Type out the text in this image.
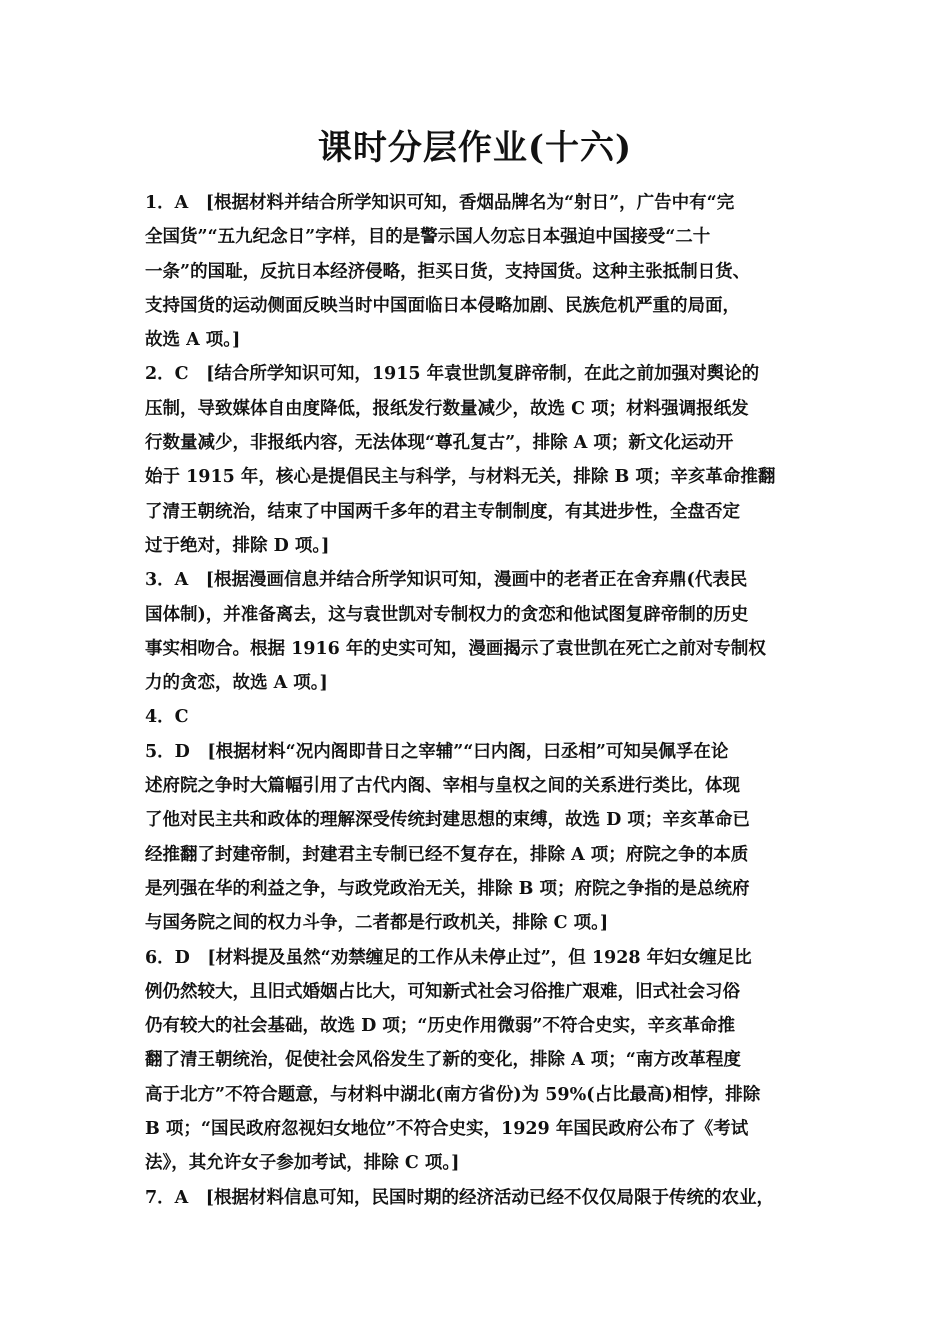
课时分层作业(十六)
1．A　[根据材料并结合所学知识可知，香烟品牌名为“射日”，广告中有“完
全国货”“五九纪念日”字样，目的是警示国人勿忘日本强迫中国接受“二十
一条”的国耻，反抗日本经济侵略，拒买日货，支持国货。这种主张抵制日货、
支持国货的运动侧面反映当时中国面临日本侵略加剧、民族危机严重的局面，
故选 A 项。]
2．C　[结合所学知识可知，1915 年袁世凯复辟帝制，在此之前加强对舆论的
压制，导致媒体自由度降低，报纸发行数量减少，故选 C 项；材料强调报纸发
行数量减少，非报纸内容，无法体现“尊孔复古”，排除 A 项；新文化运动开
始于 1915 年，核心是提倡民主与科学，与材料无关，排除 B 项；辛亥革命推翻
了清王朝统治，结束了中国两千多年的君主专制制度，有其进步性，全盘否定
过于绝对，排除 D 项。]
3．A　[根据漫画信息并结合所学知识可知，漫画中的老者正在舍弃鼎(代表民
国体制)，并准备离去，这与袁世凯对专制权力的贪恋和他试图复辟帝制的历史
事实相吻合。根据 1916 年的史实可知，漫画揭示了袁世凯在死亡之前对专制权
力的贪恋，故选 A 项。]
4．C
5．D　[根据材料“况内阁即昔日之宰辅”“曰内阁，曰丞相”可知吴佩孚在论
述府院之争时大篇幅引用了古代内阁、宰相与皇权之间的关系进行类比，体现
了他对民主共和政体的理解深受传统封建思想的束缚，故选 D 项；辛亥革命已
经推翻了封建帝制，封建君主专制已经不复存在，排除 A 项；府院之争的本质
是列强在华的利益之争，与政党政治无关，排除 B 项；府院之争指的是总统府
与国务院之间的权力斗争，二者都是行政机关，排除 C 项。]
6．D　[材料提及虽然“劝禁缠足的工作从未停止过”，但 1928 年妇女缠足比
例仍然较大，且旧式婚姻占比大，可知新式社会习俗推广艰难，旧式社会习俗
仍有较大的社会基础，故选 D 项；“历史作用微弱”不符合史实，辛亥革命推
翻了清王朝统治，促使社会风俗发生了新的变化，排除 A 项；“南方改革程度
高于北方”不符合题意，与材料中湖北(南方省份)为 59%(占比最高)相悖，排除
B 项；“国民政府忽视妇女地位”不符合史实，1929 年国民政府公布了《考试
法》，其允许女子参加考试，排除 C 项。]
7．A　[根据材料信息可知，民国时期的经济活动已经不仅仅局限于传统的农业，
